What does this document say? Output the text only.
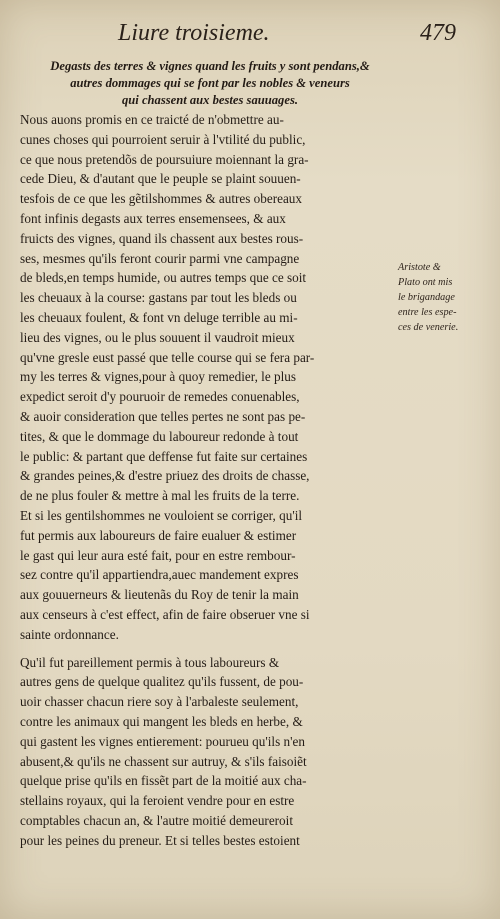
Liure troisieme.	479
Degasts des terres & vignes quand les fruits y sont pendans,&
autres dommages qui se font par les nobles & veneurs
qui chassent aux bestes sauuages.
Nous auons promis en ce traicté de n'obmettre au-
cunes choses qui pourroient seruir à l'vtilité du public,
ce que nous pretendõs de poursuiure moiennant la gra-
cede Dieu, & d'autant que le peuple se plaint souuen-
tesfois de ce que les gẽtilshommes & autres obereaux
font infinis degasts aux terres ensemensees, & aux
fruicts des vignes, quand ils chassent aux bestes rous-
ses, mesmes qu'ils feront courir parmi vne campagne
de bleds,en temps humide, ou autres temps que ce soit
les cheuaux à la course: gastans par tout les bleds ou
les cheuaux foulent, & font vn deluge terrible au mi-
lieu des vignes, ou le plus souuent il vaudroit mieux
qu'vne gresle eust passé que telle course qui se fera par-
my les terres & vignes,pour à quoy remedier, le plus
expedict seroit d'y pouruoir de remedes conuenables,
& auoir consideration que telles pertes ne sont pas pe-
tites, & que le dommage du laboureur redonde à tout
le public: & partant que deffense fut faite sur certaines
& grandes peines,& d'estre priuez des droits de chasse,
de ne plus fouler & mettre à mal les fruits de la terre.
Et si les gentilshommes ne vouloient se corriger, qu'il
fut permis aux laboureurs de faire eualuer & estimer
le gast qui leur aura esté fait, pour en estre rembour-
sez contre qu'il appartiendra,auec mandement expres
aux gouuerneurs & lieutenãs du Roy de tenir la main
aux censeurs à c'est effect, afin de faire obseruer vne si
sainte ordonnance.
Qu'il fut pareillement permis à tous laboureurs &
autres gens de quelque qualitez qu'ils fussent, de pou-
uoir chasser chacun riere soy à l'arbaleste seulement,
contre les animaux qui mangent les bleds en herbe, &
qui gastent les vignes entierement: pourueu qu'ils n'en
abusent,& qu'ils ne chassent sur autruy, & s'ils faisoiẽt
quelque prise qu'ils en fissẽt part de la moitié aux cha-
stellains royaux, qui la feroient vendre pour en estre
comptables chacun an, & l'autre moitié demeureroit
pour les peines du preneur. Et si telles bestes estoient
Aristote &
Plato ont mis
le brigandage
entre les espe-
ces de venerie.
